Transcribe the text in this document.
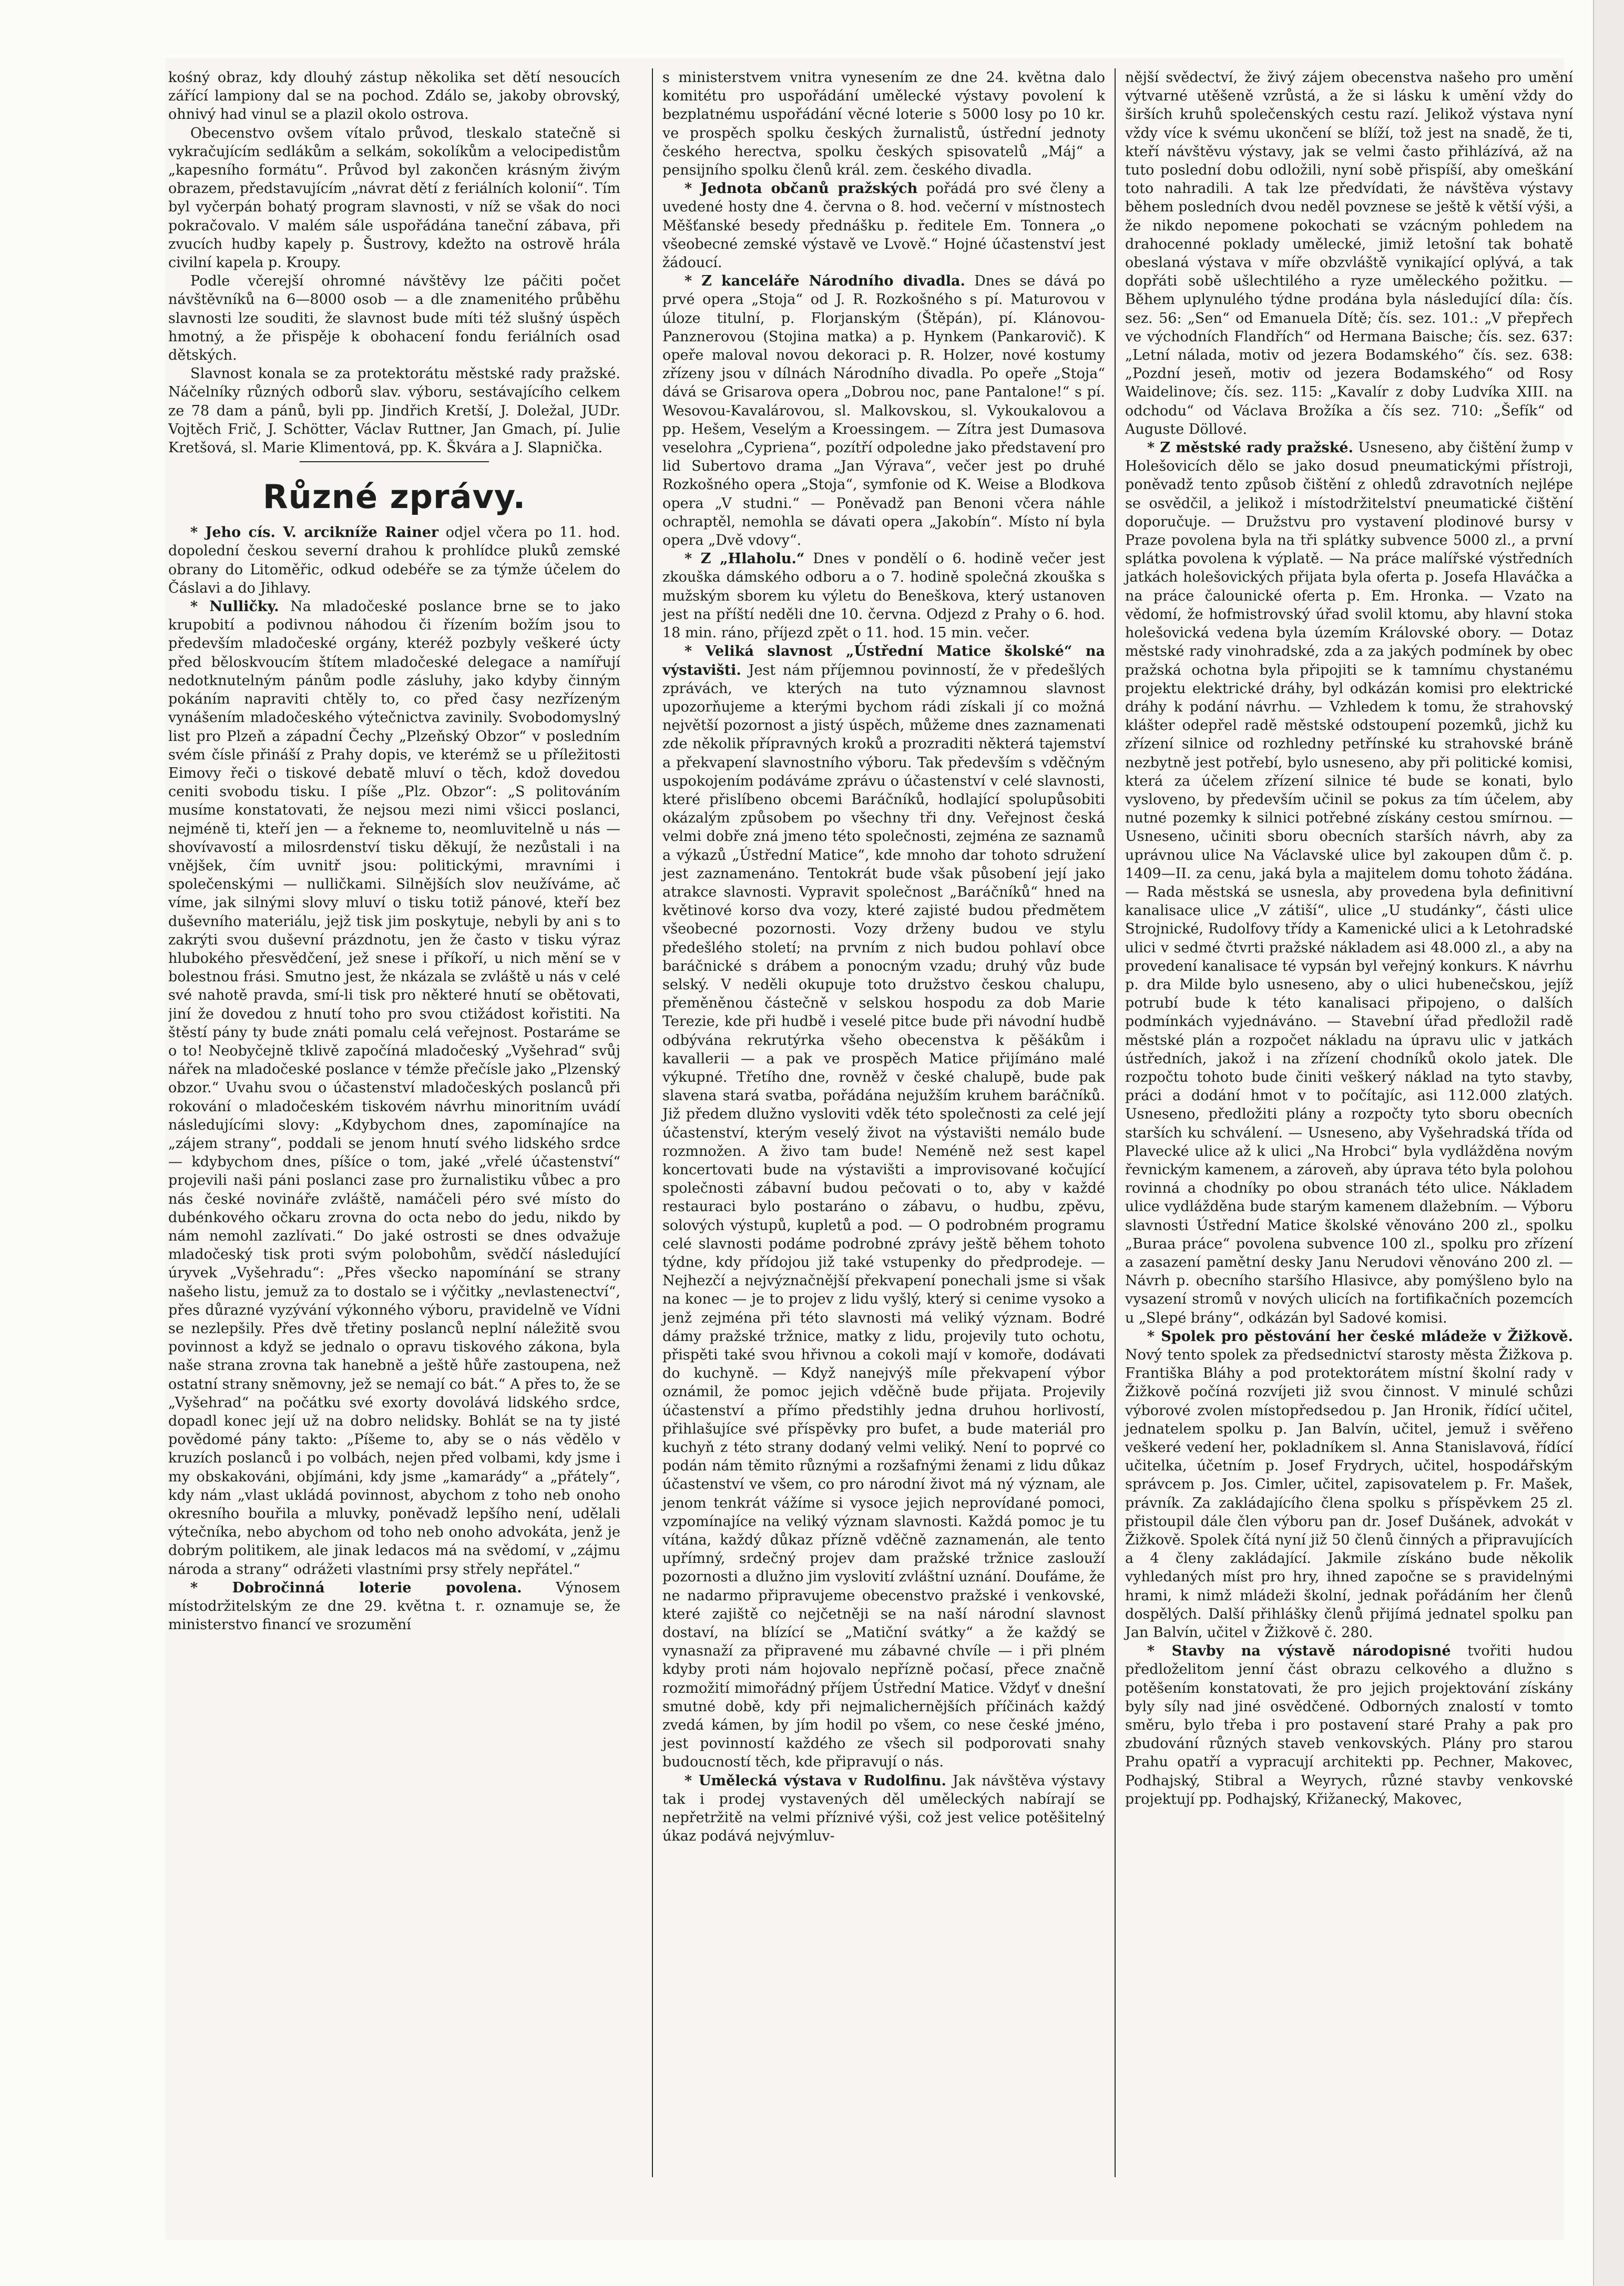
kośný obraz, kdy dlouhý zástup několika set dětí nesoucích zářící lampiony dal se na pochod. Zdálo se, jakoby obrovský, ohnivý had vinul se a plazil okolo ostrova.

Obecenstvo ovšem vítalo průvod, tleskalo statečně si vykračujícím sedlákům a selkám, sokolíkům a velocipedistům „kapesního formátu“. Průvod byl zakončen krásným živým obrazem, představujícím „návrat dětí z feriálních kolonií“. Tím byl vyčerpán bohatý program slavnosti, v níž se však do noci pokračovalo. V malém sále uspořádána taneční zábava, při zvucích hudby kapely p. Šustrovy, kdežto na ostrově hrála civilní kapela p. Kroupy.

Podle včerejší ohromné návštěvy lze páčiti počet návštěvníků na 6—8000 osob — a dle znamenitého průběhu slavnosti lze souditi, že slavnost bude míti též slušný úspěch hmotný, a že přispěje k obohacení fondu feriálních osad dětských.

Slavnost konala se za protektorátu městské rady pražské. Náčelníky různých odborů slav. výboru, sestávajícího celkem ze 78 dam a pánů, byli pp. Jindřich Kretší, J. Doležal, JUDr. Vojtěch Frič, J. Schötter, Václav Ruttner, Jan Gmach, pí. Julie Kretšová, sl. Marie Klimentová, pp. K. Škvára a J. Slapnička.

Různé zprávy.

* Jeho cís. V. arcikníže Rainer odjel včera po 11. hod. dopolední českou severní drahou k prohlídce pluků zemské obrany do Litoměřic, odkud odebéře se za týmže účelem do Čáslavi a do Jihlavy.

* Nulličky. Na mladočeské poslance brne se to jako krupobití a podivnou náhodou či řízením božím jsou to především mladočeské orgány, kteréž pozbyly veškeré úcty před běloskvoucím štítem mladočeské delegace a namířují nedotknutelným pánům podle zásluhy, jako kdyby činným pokáním napraviti chtěly to, co před časy nezřízeným vynášením mladočeského výtečnictva zavinily. Svobodomyslný list pro Plzeň a západní Čechy „Plzeňský Obzor“ v posledním svém čísle přináší z Prahy dopis, ve kterémž se u příležitosti Eimovy řeči o tiskové debatě mluví o těch, kdož dovedou ceniti svobodu tisku. I píše „Plz. Obzor“: „S politováním musíme konstatovati, že nejsou mezi nimi všicci poslanci, nejméně ti, kteří jen — a řekneme to, neomluvitelně u nás — shovívavostí a milosrdenství tisku děkují, že nezůstali i na vnějšek, čím uvnitř jsou: politickými, mravními i společenskými — nulličkami. Silnějších slov neužíváme, ač víme, jak silnými slovy mluví o tisku totiž pánové, kteří bez duševního materiálu, jejž tisk jim poskytuje, nebyli by ani s to zakrýti svou duševní prázdnotu, jen že často v tisku výraz hlubokého přesvědčení, jež snese i příkoří, u nich mění se v bolestnou frási. Smutno jest, že nkázala se zvláště u nás v celé své nahotě pravda, smí-li tisk pro některé hnutí se obětovati, jiní že dovedou z hnutí toho pro svou ctižádost kořistiti. Na štěstí pány ty bude znáti pomalu celá veřejnost. Postaráme se o to! Neobyčejně tklivě započíná mladočeský „Vyšehrad“ svůj nářek na mladočeské poslance v témže přečísle jako „Plzenský obzor.“ Uvahu svou o účastenství mladočeských poslanců při rokování o mladočeském tiskovém návrhu minoritním uvádí následujícími slovy: „Kdybychom dnes, zapomínajíce na „zájem strany“, poddali se jenom hnutí svého lidského srdce — kdybychom dnes, píšíce o tom, jaké „vřelé účastenství“ projevili naši páni poslanci zase pro žurnalistiku vůbec a pro nás české novináře zvláště, namáčeli péro své místo do dubénkového očkaru zrovna do octa nebo do jedu, nikdo by nám nemohl zazlívati.“ Do jaké ostrosti se dnes odvažuje mladočeský tisk proti svým polobohům, svědčí následující úryvek „Vyšehradu“: „Přes všecko napomínání se strany našeho listu, jemuž za to dostalo se i výčitky „nevlastenectví“, přes důrazné vyzývání výkonného výboru, pravidelně ve Vídni se nezlepšily. Přes dvě třetiny poslanců neplní náležitě svou povinnost a když se jednalo o opravu tiskového zákona, byla naše strana zrovna tak hanebně a ještě hůře zastoupena, než ostatní strany sněmovny, jež se nemají co bát.“ A přes to, že se „Vyšehrad“ na počátku své exorty dovolává lidského srdce, dopadl konec její už na dobro nelidsky. Bohlát se na ty jisté povědomé pány takto: „Píšeme to, aby se o nás vědělo v kruzích poslanců i po volbách, nejen před volbami, kdy jsme i my obskakováni, objímáni, kdy jsme „kamarády“ a „přátely“, kdy nám „vlast ukládá povinnost, abychom z toho neb onoho okresního bouřila a mluvky, poněvadž lepšího není, udělali výtečníka, nebo abychom od toho neb onoho advokáta, jenž je dobrým politikem, ale jinak ledacos má na svědomí, v „zájmu národa a strany“ odrážeti vlastními prsy střely nepřátel.“

* Dobročinná loterie povolena. Výnosem místodržitelským ze dne 29. května t. r. oznamuje se, že ministerstvo financí ve srozumění

s ministerstvem vnitra vynesením ze dne 24. května dalo komitétu pro uspořádání umělecké výstavy povolení k bezplatnému uspořádání věcné loterie s 5000 losy po 10 kr. ve prospěch spolku českých žurnalistů, ústřední jednoty českého herectva, spolku českých spisovatelů „Máj“ a pensijního spolku členů král. zem. českého divadla.

* Jednota občanů pražských pořádá pro své členy a uvedené hosty dne 4. června o 8. hod. večerní v místnostech Měšťanské besedy přednášku p. ředitele Em. Tonnera „o všeobecné zemské výstavě ve Lvově.“ Hojné účastenství jest žádoucí.

* Z kanceláře Národního divadla. Dnes se dává po prvé opera „Stoja“ od J. R. Rozkošného s pí. Maturovou v úloze titulní, p. Florjanským (Štěpán), pí. Klánovou-Panznerovou (Stojina matka) a p. Hynkem (Pankarovič). K opeře maloval novou dekoraci p. R. Holzer, nové kostumy zřízeny jsou v dílnách Národního divadla. Po opeře „Stoja“ dává se Grisarova opera „Dobrou noc, pane Pantalone!“ s pí. Wesovou-Kavalárovou, sl. Malkovskou, sl. Vykoukalovou a pp. Hešem, Veselým a Kroessingem. — Zítra jest Dumasova veselohra „Cypriena“, pozítří odpoledne jako představení pro lid Subertovo drama „Jan Výrava“, večer jest po druhé Rozkošného opera „Stoja“, symfonie od K. Weise a Blodkova opera „V studni.“ — Poněvadž pan Benoni včera náhle ochraptěl, nemohla se dávati opera „Jakobín“. Místo ní byla opera „Dvě vdovy“.

* Z „Hlaholu.“ Dnes v pondělí o 6. hodině večer jest zkouška dámského odboru a o 7. hodině společná zkouška s mužským sborem ku výletu do Beneškova, který ustanoven jest na příští neděli dne 10. června. Odjezd z Prahy o 6. hod. 18 min. ráno, příjezd zpět o 11. hod. 15 min. večer.

* Veliká slavnost „Ústřední Matice školské“ na výstavišti. Jest nám příjemnou povinností, že v předešlých zprávách, ve kterých na tuto významnou slavnost upozorňujeme a kterými bychom rádi získali jí co možná největší pozornost a jistý úspěch, můžeme dnes zaznamenati zde několik přípravných kroků a prozraditi některá tajemství a překvapení slavnostního výboru. Tak především s vděčným uspokojením podáváme zprávu o účastenství v celé slavnosti, které přislíbeno obcemi Baráčníků, hodlající spolupůsobiti okázalým způsobem po všechny tři dny. Veřejnost česká velmi dobře zná jmeno této společnosti, zejména ze saznamů a výkazů „Ústřední Matice“, kde mnoho dar tohoto sdružení jest zaznamenáno. Tentokrát bude však působení její jako atrakce slavnosti. Vypravit společnost „Baráčníků“ hned na květinové korso dva vozy, které zajisté budou předmětem všeobecné pozornosti. Vozy drženy budou ve stylu předešlého století; na prvním z nich budou pohlaví obce baráčnické s drábem a ponocným vzadu; druhý vůz bude selský. V neděli okupuje toto družstvo českou chalupu, přeměněnou částečně v selskou hospodu za dob Marie Terezie, kde při hudbě i veselé pitce bude při návodní hudbě odbývána rekrutýrka všeho obecenstva k pěšákům i kavallerii — a pak ve prospěch Matice přijímáno malé výkupné. Třetího dne, rovněž v české chalupě, bude pak slavena stará svatba, pořádána nejužším kruhem baráčníků. Již předem dlužno vysloviti vděk této společnosti za celé její účastenství, kterým veselý život na výstavišti nemálo bude rozmnožen. A živo tam bude! Neméně než sest kapel koncertovati bude na výstavišti a improvisované kočující společnosti zábavní budou pečovati o to, aby v každé restauraci bylo postaráno o zábavu, o hudbu, zpěvu, solových výstupů, kupletů a pod. — O podrobném programu celé slavnosti podáme podrobné zprávy ještě během tohoto týdne, kdy přídojou již také vstupenky do předprodeje. — Nejhezčí a nejvýznačnější překvapení ponechali jsme si však na konec — je to projev z lidu vyšlý, který si cenime vysoko a jenž zejména při této slavnosti má veliký význam. Bodré dámy pražské tržnice, matky z lidu, projevily tuto ochotu, přispěti také svou hřivnou a cokoli mají v komoře, dodávati do kuchyně. — Když nanejvýš míle překvapení výbor oznámil, že pomoc jejich vděčně bude přijata. Projevily účastenství a přímo předstihly jedna druhou horlivostí, přihlašujíce své příspěvky pro bufet, a bude materiál pro kuchyň z této strany dodaný velmi veliký. Není to poprvé co podán nám těmito různými a rozšafnými ženami z lidu důkaz účastenství ve všem, co pro národní život má ný význam, ale jenom tenkrát vážíme si vysoce jejich neprovídané pomoci, vzpomínajíce na veliký význam slavnosti. Každá pomoc je tu vítána, každý důkaz přízně vděčně zaznamenán, ale tento upřímný, srdečný projev dam pražské tržnice zaslouží pozornosti a dlužno jim vyslovití zvláštní uznání. Doufáme, že ne nadarmo připravujeme obecenstvo pražské i venkovské, které zajiště co nejčetněji se na naší národní slavnost dostaví, na blízící se „Matiční svátky“ a že každý se vynasnaží za připravené mu zábavné chvíle — i při plném kdyby proti nám hojovalo nepřízně počasí, přece značně rozmožití mimořádný příjem Ústřední Matice. Vždyť v dnešní smutné době, kdy při nejmalichernějších příčinách každý zvedá kámen, by jím hodil po všem, co nese české jméno, jest povinností každého ze všech sil podporovati snahy budoucností těch, kde připravují o nás.

* Umělecká výstava v Rudolfinu. Jak návštěva výstavy tak i prodej vystavených děl uměleckých nabírají se nepřetržitě na velmi příznivé výši, což jest velice potěšitelný úkaz podává nejvýmluv-

nější svědectví, že živý zájem obecenstva našeho pro umění výtvarné utěšeně vzrůstá, a že si lásku k umění vždy do širších kruhů společenských cestu razí. Jelikož výstava nyní vždy více k svému ukončení se blíží, tož jest na snadě, že ti, kteří návštěvu výstavy, jak se velmi často přihlázívá, až na tuto poslední dobu odložili, nyní sobě přispíší, aby omeškání toto nahradili. A tak lze předvídati, že návštěva výstavy během posledních dvou neděl povznese se ještě k větší výši, a že nikdo nepomene pokochati se vzácným pohledem na drahocenné poklady umělecké, jimiž letošní tak bohatě obeslaná výstava v míře obzvláště vynikající oplývá, a tak dopřáti sobě ušlechtilého a ryze uměleckého požitku. — Během uplynulého týdne prodána byla následující díla: čís. sez. 56: „Sen“ od Emanuela Dítě; čís. sez. 101.: „V přepřech ve východních Flandřích“ od Hermana Baische; čís. sez. 637: „Letní nálada, motiv od jezera Bodamského“ čís. sez. 638: „Pozdní jeseň, motiv od jezera Bodamského“ od Rosy Waidelinove; čís. sez. 115: „Kavalír z doby Ludvíka XIII. na odchodu“ od Václava Brožíka a čís sez. 710: „Šefík“ od Auguste Döllové.

* Z městské rady pražské. Usneseno, aby čištění žump v Holešovicích dělo se jako dosud pneumatickými přístroji, poněvadž tento způsob čištění z ohledů zdravotních nejlépe se osvědčil, a jelikož i místodržitelství pneumatické čištění doporučuje. — Družstvu pro vystavení plodinové bursy v Praze povolena byla na tři splátky subvence 5000 zl., a první splátka povolena k výplatě. — Na práce malířské výstředních jatkách holešovických přijata byla oferta p. Josefa Hlaváčka a na práce čalounické oferta p. Em. Hronka. — Vzato na vědomí, že hofmistrovský úřad svolil ktomu, aby hlavní stoka holešovická vedena byla územím Královské obory. — Dotaz městské rady vinohradské, zda a za jakých podmínek by obec pražská ochotna byla připojiti se k tamnímu chystanému projektu elektrické dráhy, byl odkázán komisi pro elektrické dráhy k podání návrhu. — Vzhledem k tomu, že strahovský klášter odepřel radě městské odstoupení pozemků, jichž ku zřízení silnice od rozhledny petřínské ku strahovské bráně nezbytně jest potřebí, bylo usneseno, aby při politické komisi, která za účelem zřízení silnice té bude se konati, bylo vysloveno, by především učinil se pokus za tím účelem, aby nutné pozemky k silnici potřebné získány cestou smírnou. — Usneseno, učiniti sboru obecních starších návrh, aby za uprávnou ulice Na Václavské ulice byl zakoupen dům č. p. 1409—II. za cenu, jaká byla a majitelem domu tohoto žádána. — Rada městská se usnesla, aby provedena byla definitivní kanalisace ulice „V zátiší“, ulice „U studánky“, části ulice Strojnické, Rudolfovy třídy a Kamenické ulici a k Letohradské ulici v sedmé čtvrti pražské nákladem asi 48.000 zl., a aby na provedení kanalisace té vypsán byl veřejný konkurs. K návrhu p. dra Milde bylo usneseno, aby o ulici hubenečskou, jejíž potrubí bude k této kanalisaci připojeno, o dalších podmínkách vyjednáváno. — Stavební úřad předložil radě městské plán a rozpočet nákladu na úpravu ulic v jatkách ústředních, jakož i na zřízení chodníků okolo jatek. Dle rozpočtu tohoto bude činiti veškerý náklad na tyto stavby, práci a dodání hmot v to počítajíc, asi 112.000 zlatých. Usneseno, předložiti plány a rozpočty tyto sboru obecních starších ku schválení. — Usneseno, aby Vyšehradská třída od Plavecké ulice až k ulici „Na Hrobci“ byla vydlážděna novým řevnickým kamenem, a zároveň, aby úprava této byla polohou rovinná a chodníky po obou stranách této ulice. Nákladem ulice vydlážděna bude starým kamenem dlažebním. — Výboru slavnosti Ústřední Matice školské věnováno 200 zl., spolku „Buraa práce“ povolena subvence 100 zl., spolku pro zřízení a zasazení pamětní desky Janu Nerudovi věnováno 200 zl. — Návrh p. obecního staršího Hlasivce, aby pomýšleno bylo na vysazení stromů v nových ulicích na fortifikačních pozemcích u „Slepé brány“, odkázán byl Sadové komisi.

* Spolek pro pěstování her české mládeže v Žižkově. Nový tento spolek za předsednictví starosty města Žižkova p. Františka Bláhy a pod protektorátem místní školní rady v Žižkově počíná rozvíjeti již svou činnost. V minulé schůzi výborové zvolen místopředsedou p. Jan Hronik, řídící učitel, jednatelem spolku p. Jan Balvín, učitel, jemuž i svěřeno veškeré vedení her, pokladníkem sl. Anna Stanislavová, řídící učitelka, účetním p. Josef Frydrych, učitel, hospodářským správcem p. Jos. Cimler, učitel, zapisovatelem p. Fr. Mašek, právník. Za zakládajícího člena spolku s příspěvkem 25 zl. přistoupil dále člen výboru pan dr. Josef Dušánek, advokát v Žižkově. Spolek čítá nyní již 50 členů činných a připravujících a 4 členy zakládající. Jakmile získáno bude několik vyhledaných míst pro hry, ihned započne se s pravidelnými hrami, k nimž mládeži školní, jednak pořádáním her členů dospělých. Další přihlášky členů přijímá jednatel spolku pan Jan Balvín, učitel v Žižkově č. 280.

* Stavby na výstavě národopisné tvořiti hudou předloželitom jenní část obrazu celkového a dlužno s potěšením konstatovati, že pro jejich projektování získány byly síly nad jiné osvědčené. Odborných znalostí v tomto směru, bylo třeba i pro postavení staré Prahy a pak pro zbudování různých staveb venkovských. Plány pro starou Prahu opatří a vypracují architekti pp. Pechner, Makovec, Podhajský, Stibral a Weyrych, různé stavby venkovské projektují pp. Podhajský, Křižanecký, Makovec,
